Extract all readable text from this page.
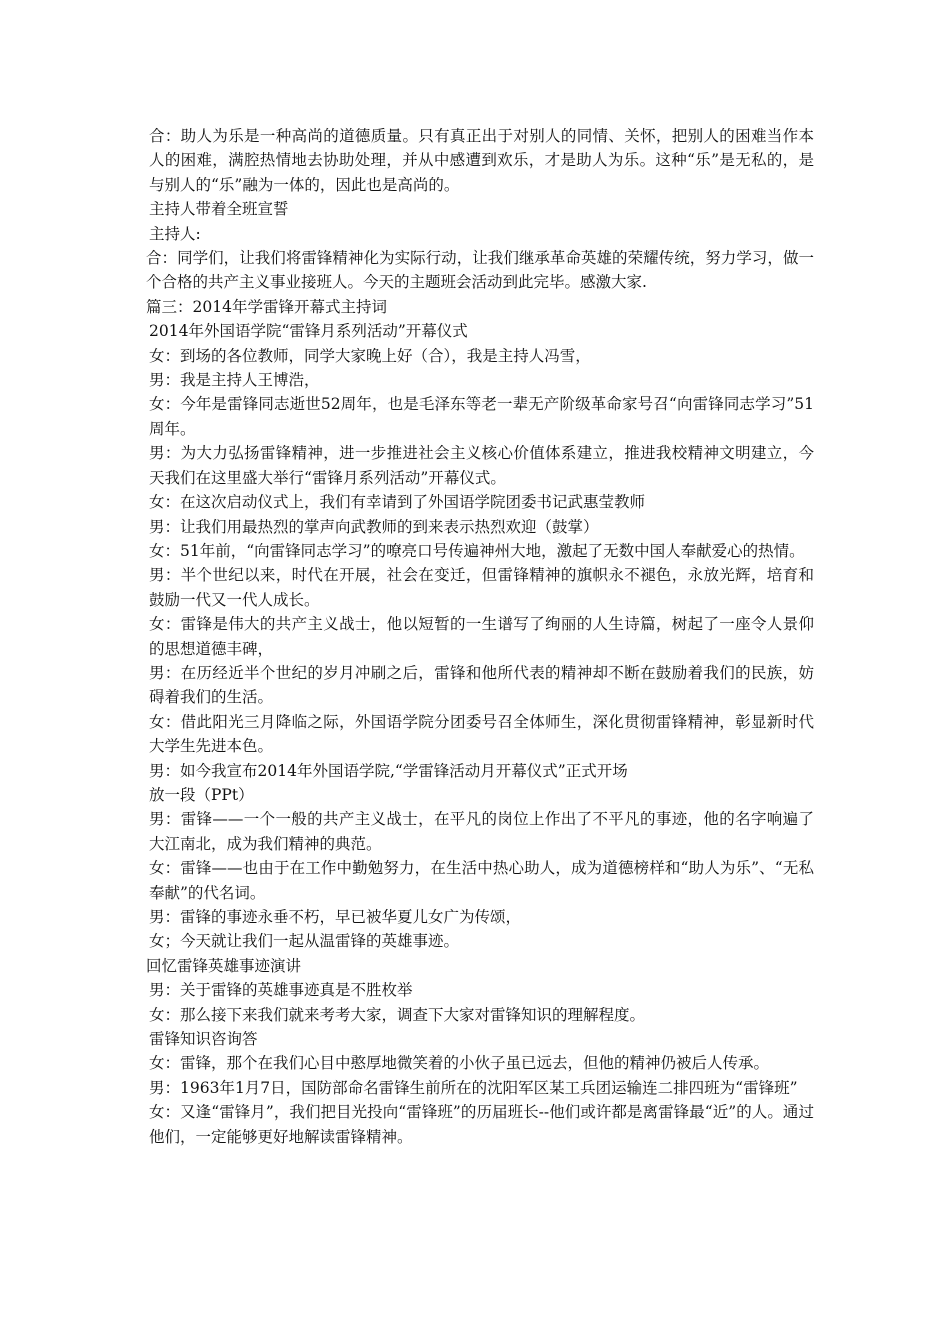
合：助人为乐是一种高尚的道德质量。只有真正出于对别人的同情、关怀，把别人的困难当作本人的困难，满腔热情地去协助处理，并从中感遭到欢乐，才是助人为乐。这种“乐”是无私的，是与别人的“乐”融为一体的，因此也是高尚的。

主持人带着全班宣誓

主持人:

合：同学们，让我们将雷锋精神化为实际行动，让我们继承革命英雄的荣耀传统，努力学习，做一个合格的共产主义事业接班人。今天的主题班会活动到此完毕。感激大家.

篇三：2014年学雷锋开幕式主持词

2014年外国语学院“雷锋月系列活动”开幕仪式

女：到场的各位教师，同学大家晚上好（合），我是主持人冯雪，

男：我是主持人王博浩，

女：今年是雷锋同志逝世52周年，也是毛泽东等老一辈无产阶级革命家号召“向雷锋同志学习”51周年。

男：为大力弘扬雷锋精神，进一步推进社会主义核心价值体系建立，推进我校精神文明建立，今天我们在这里盛大举行“雷锋月系列活动”开幕仪式。

女：在这次启动仪式上，我们有幸请到了外国语学院团委书记武惠莹教师

男：让我们用最热烈的掌声向武教师的到来表示热烈欢迎（鼓掌）

女：51年前，“向雷锋同志学习”的嘹亮口号传遍神州大地，激起了无数中国人奉献爱心的热情。

男：半个世纪以来，时代在开展，社会在变迁，但雷锋精神的旗帜永不褪色，永放光辉，培育和鼓励一代又一代人成长。

女：雷锋是伟大的共产主义战士，他以短暂的一生谱写了绚丽的人生诗篇，树起了一座令人景仰的思想道德丰碑，

男：在历经近半个世纪的岁月冲刷之后，雷锋和他所代表的精神却不断在鼓励着我们的民族，妨碍着我们的生活。

女：借此阳光三月降临之际，外国语学院分团委号召全体师生，深化贯彻雷锋精神，彰显新时代大学生先进本色。

男：如今我宣布2014年外国语学院,“学雷锋活动月开幕仪式”正式开场

放一段（PPt）

男：雷锋——一个一般的共产主义战士，在平凡的岗位上作出了不平凡的事迹，他的名字响遍了大江南北，成为我们精神的典范。

女：雷锋——也由于在工作中勤勉努力，在生活中热心助人，成为道德榜样和“助人为乐”、“无私奉献”的代名词。

男：雷锋的事迹永垂不朽，早已被华夏儿女广为传颂，

女；今天就让我们一起从温雷锋的英雄事迹。

回忆雷锋英雄事迹演讲

男：关于雷锋的英雄事迹真是不胜枚举

女：那么接下来我们就来考考大家，调查下大家对雷锋知识的理解程度。

雷锋知识咨询答

女：雷锋，那个在我们心目中憨厚地微笑着的小伙子虽已远去，但他的精神仍被后人传承。

男：1963年1月7日，国防部命名雷锋生前所在的沈阳军区某工兵团运输连二排四班为“雷锋班”

女：又逢“雷锋月”，我们把目光投向“雷锋班”的历届班长--他们或许都是离雷锋最“近”的人。通过他们，一定能够更好地解读雷锋精神。
